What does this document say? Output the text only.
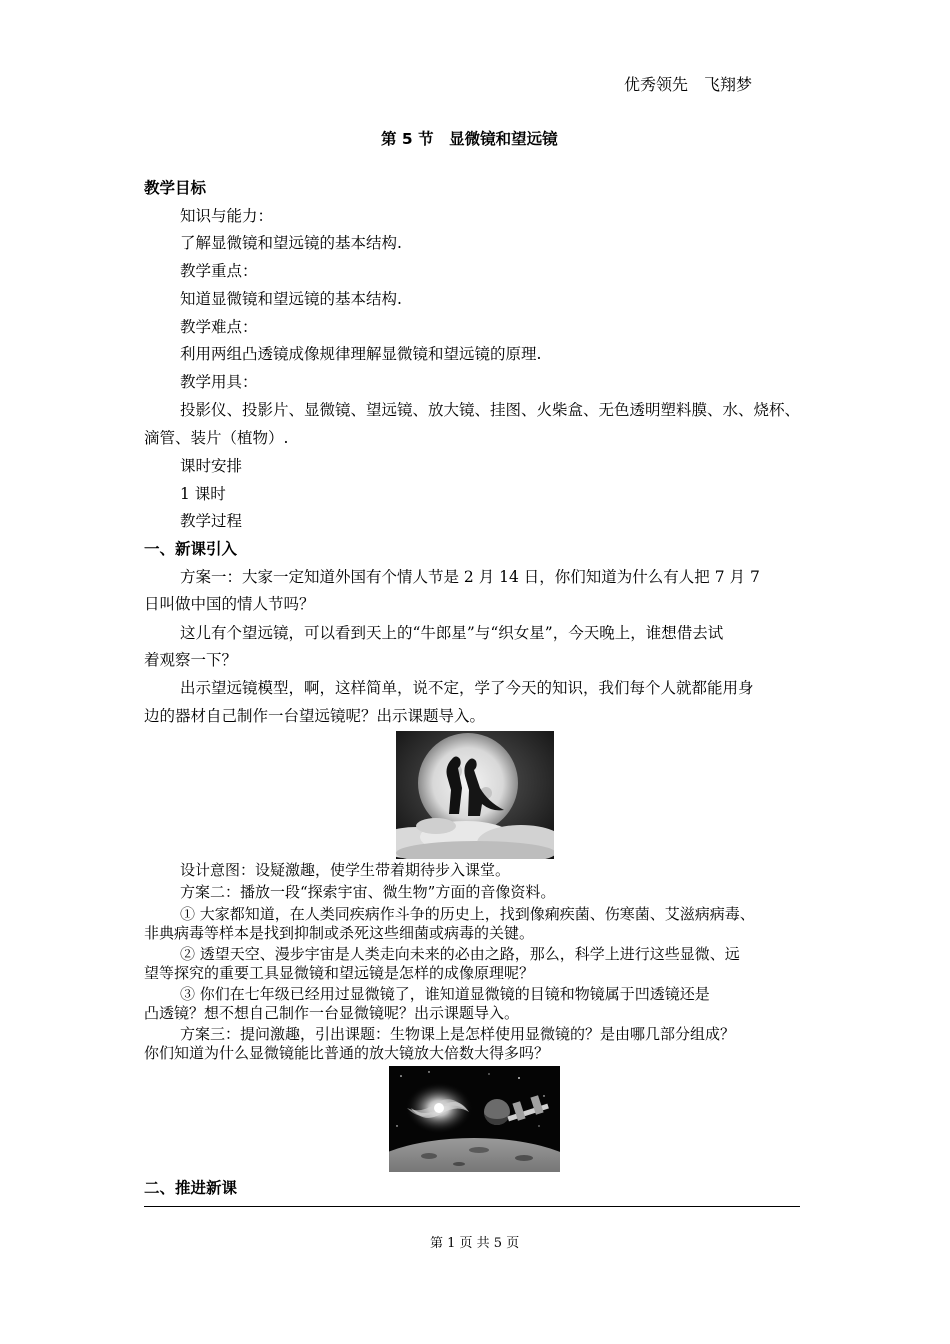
优秀领先　飞翔梦
第 5 节　显微镜和望远镜
教学目标
知识与能力：
了解显微镜和望远镜的基本结构.
教学重点：
知道显微镜和望远镜的基本结构.
教学难点：
利用两组凸透镜成像规律理解显微镜和望远镜的原理.
教学用具：
投影仪、投影片、显微镜、望远镜、放大镜、挂图、火柴盒、无色透明塑料膜、水、烧杯、
滴管、装片（植物）.
课时安排
1 课时
教学过程
一、新课引入
方案一：大家一定知道外国有个情人节是 2 月 14 日，你们知道为什么有人把 7 月 7
日叫做中国的情人节吗？
这儿有个望远镜，可以看到天上的“牛郎星”与“织女星”，今天晚上，谁想借去试
着观察一下？
出示望远镜模型，啊，这样简单，说不定，学了今天的知识，我们每个人就都能用身
边的器材自己制作一台望远镜呢？出示课题导入。
设计意图：设疑激趣，使学生带着期待步入课堂。
方案二：播放一段“探索宇宙、微生物”方面的音像资料。
① 大家都知道，在人类同疾病作斗争的历史上，找到像痢疾菌、伤寒菌、艾滋病病毒、
非典病毒等样本是找到抑制或杀死这些细菌或病毒的关键。
② 透望天空、漫步宇宙是人类走向未来的必由之路，那么，科学上进行这些显微、远
望等探究的重要工具显微镜和望远镜是怎样的成像原理呢？
③ 你们在七年级已经用过显微镜了，谁知道显微镜的目镜和物镜属于凹透镜还是
凸透镜？想不想自己制作一台显微镜呢？出示课题导入。
方案三：提问激趣，引出课题：生物课上是怎样使用显微镜的？是由哪几部分组成？
你们知道为什么显微镜能比普通的放大镜放大倍数大得多吗？
二、推进新课
第 1 页 共 5 页
